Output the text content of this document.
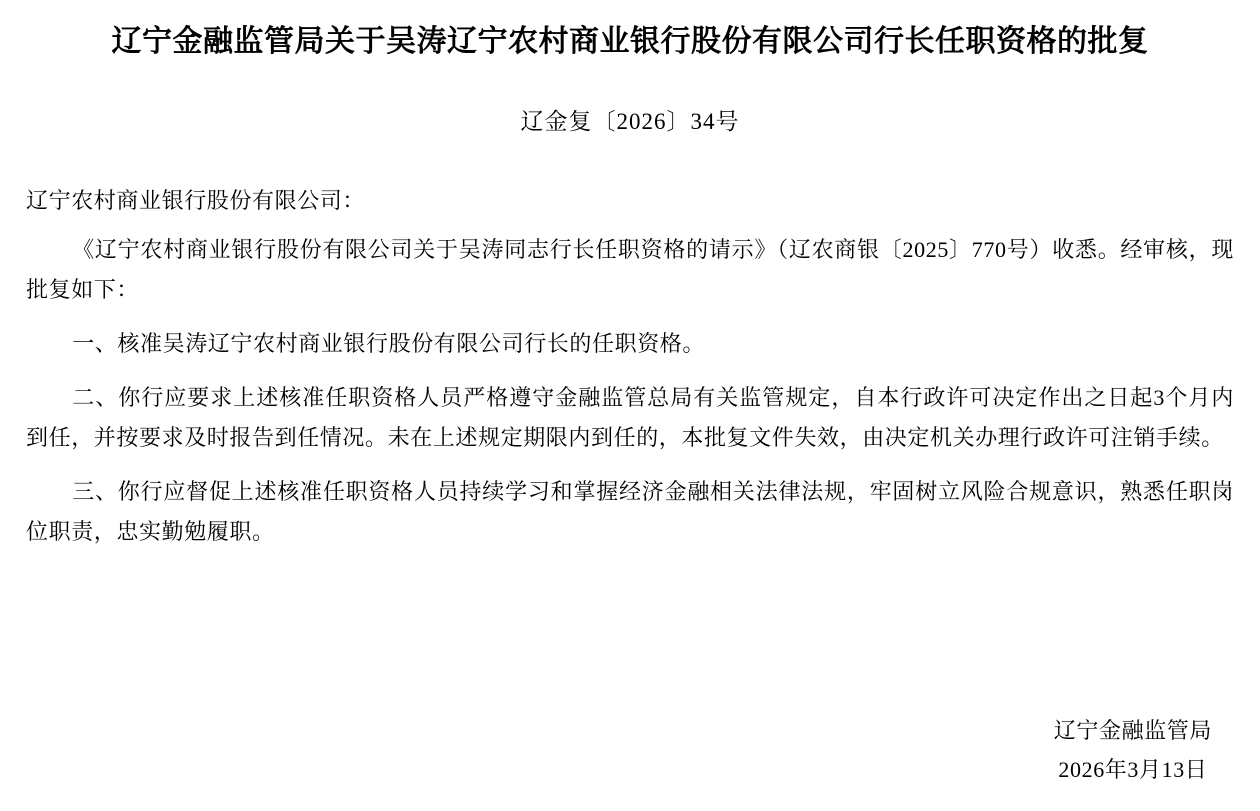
辽宁金融监管局关于吴涛辽宁农村商业银行股份有限公司行长任职资格的批复
辽金复〔2026〕34号
辽宁农村商业银行股份有限公司：

《辽宁农村商业银行股份有限公司关于吴涛同志行长任职资格的请示》（辽农商银〔2025〕770号）收悉。经审核，现批复如下：

一、核准吴涛辽宁农村商业银行股份有限公司行长的任职资格。

二、你行应要求上述核准任职资格人员严格遵守金融监管总局有关监管规定，自本行政许可决定作出之日起3个月内到任，并按要求及时报告到任情况。未在上述规定期限内到任的，本批复文件失效，由决定机关办理行政许可注销手续。

三、你行应督促上述核准任职资格人员持续学习和掌握经济金融相关法律法规，牢固树立风险合规意识，熟悉任职岗位职责，忠实勤勉履职。

辽宁金融监管局
2026年3月13日
